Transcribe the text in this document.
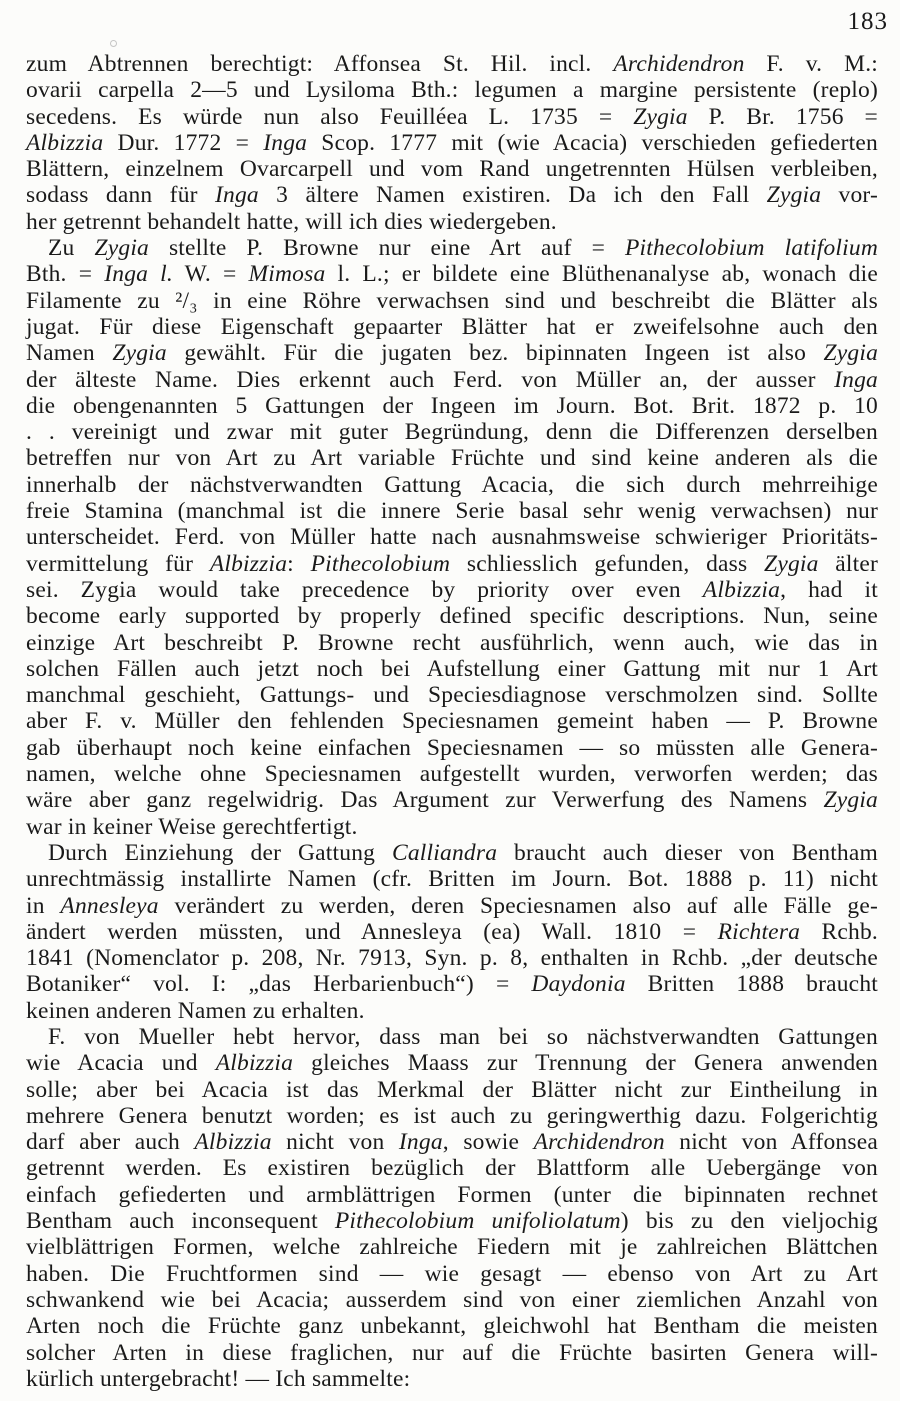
183
zum Abtrennen berechtigt: Affonsea St. Hil. incl. Archidendron F. v. M.:
ovarii carpella 2—5 und Lysiloma Bth.: legumen a margine persistente (replo)
secedens. Es würde nun also Feuilléea L. 1735 = Zygia P. Br. 1756 =
Albizzia Dur. 1772 = Inga Scop. 1777 mit (wie Acacia) verschieden gefiederten
Blättern, einzelnem Ovarcarpell und vom Rand ungetrennten Hülsen verbleiben,
sodass dann für Inga 3 ältere Namen existiren. Da ich den Fall Zygia vor-
her getrennt behandelt hatte, will ich dies wiedergeben.
Zu Zygia stellte P. Browne nur eine Art auf = Pithecolobium latifolium
Bth. = Inga l. W. = Mimosa l. L.; er bildete eine Blüthenanalyse ab, wonach die
Filamente zu ²/₃ in eine Röhre verwachsen sind und beschreibt die Blätter als
jugat. Für diese Eigenschaft gepaarter Blätter hat er zweifelsohne auch den
Namen Zygia gewählt. Für die jugaten bez. bipinnaten Ingeen ist also Zygia
der älteste Name. Dies erkennt auch Ferd. von Müller an, der ausser Inga
die obengenannten 5 Gattungen der Ingeen im Journ. Bot. Brit. 1872 p. 10
. . vereinigt und zwar mit guter Begründung, denn die Differenzen derselben
betreffen nur von Art zu Art variable Früchte und sind keine anderen als die
innerhalb der nächstverwandten Gattung Acacia, die sich durch mehrreihige
freie Stamina (manchmal ist die innere Serie basal sehr wenig verwachsen) nur
unterscheidet. Ferd. von Müller hatte nach ausnahmsweise schwieriger Prioritäts-
vermittelung für Albizzia: Pithecolobium schliesslich gefunden, dass Zygia älter
sei. Zygia would take precedence by priority over even Albizzia, had it
become early supported by properly defined specific descriptions. Nun, seine
einzige Art beschreibt P. Browne recht ausführlich, wenn auch, wie das in
solchen Fällen auch jetzt noch bei Aufstellung einer Gattung mit nur 1 Art
manchmal geschieht, Gattungs- und Speciesdiagnose verschmolzen sind. Sollte
aber F. v. Müller den fehlenden Speciesnamen gemeint haben — P. Browne
gab überhaupt noch keine einfachen Speciesnamen — so müssten alle Genera-
namen, welche ohne Speciesnamen aufgestellt wurden, verworfen werden; das
wäre aber ganz regelwidrig. Das Argument zur Verwerfung des Namens Zygia
war in keiner Weise gerechtfertigt.
Durch Einziehung der Gattung Calliandra braucht auch dieser von Bentham
unrechtmässig installirte Namen (cfr. Britten im Journ. Bot. 1888 p. 11) nicht
in Annesleya verändert zu werden, deren Speciesnamen also auf alle Fälle ge-
ändert werden müssten, und Annesleya (ea) Wall. 1810 = Richtera Rchb.
1841 (Nomenclator p. 208, Nr. 7913, Syn. p. 8, enthalten in Rchb. „der deutsche
Botaniker“ vol. I: „das Herbarienbuch“) = Daydonia Britten 1888 braucht
keinen anderen Namen zu erhalten.
F. von Mueller hebt hervor, dass man bei so nächstverwandten Gattungen
wie Acacia und Albizzia gleiches Maass zur Trennung der Genera anwenden
solle; aber bei Acacia ist das Merkmal der Blätter nicht zur Eintheilung in
mehrere Genera benutzt worden; es ist auch zu geringwerthig dazu. Folgerichtig
darf aber auch Albizzia nicht von Inga, sowie Archidendron nicht von Affonsea
getrennt werden. Es existiren bezüglich der Blattform alle Uebergänge von
einfach gefiederten und armblättrigen Formen (unter die bipinnaten rechnet
Bentham auch inconsequent Pithecolobium unifoliolatum) bis zu den vieljochig
vielblättrigen Formen, welche zahlreiche Fiedern mit je zahlreichen Blättchen
haben. Die Fruchtformen sind — wie gesagt — ebenso von Art zu Art
schwankend wie bei Acacia; ausserdem sind von einer ziemlichen Anzahl von
Arten noch die Früchte ganz unbekannt, gleichwohl hat Bentham die meisten
solcher Arten in diese fraglichen, nur auf die Früchte basirten Genera will-
kürlich untergebracht! — Ich sammelte:
